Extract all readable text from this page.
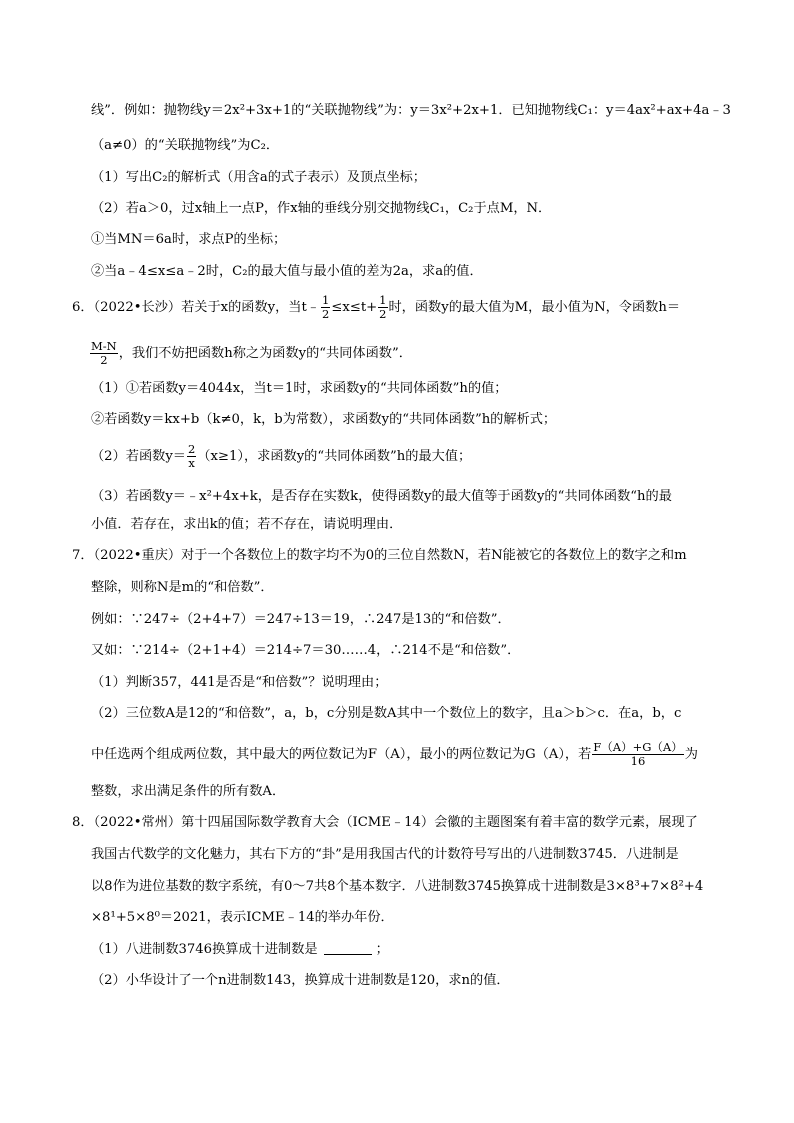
线”．例如：抛物线y＝2x²+3x+1的“关联抛物线”为：y＝3x²+2x+1．已知抛物线C₁：y＝4ax²+ax+4a﹣3
（a≠0）的“关联抛物线”为C₂．
（1）写出C₂的解析式（用含a的式子表示）及顶点坐标；
（2）若a＞0，过x轴上一点P，作x轴的垂线分别交抛物线C₁，C₂于点M，N．
①当MN＝6a时，求点P的坐标；
②当a﹣4≤x≤a﹣2时，C₂的最大值与最小值的差为2a，求a的值．
6．（2022•长沙）若关于x的函数y，当t﹣ $\frac{1}{2} \le x\le t+ \frac{1}{2}$ 时，函数y的最大值为M，最小值为N，令函数h＝
$\frac{M-N}{2}$ ，我们不妨把函数h称之为函数y的“共同体函数”．
（1）①若函数y＝4044x，当t＝1时，求函数y的“共同体函数”h的值；
②若函数y＝kx+b（k≠0，k，b为常数），求函数y的“共同体函数”h的解析式；
（2）若函数$y= \frac{2}{x} (x\ge 1)$，求函数y的“共同体函数”h的最大值；
（3）若函数y＝﹣x²+4x+k，是否存在实数k，使得函数y的最大值等于函数y的“共同体函数“h的最
小值．若存在，求出k的值；若不存在，请说明理由．
7．（2022•重庆）对于一个各数位上的数字均不为0的三位自然数N，若N能被它的各数位上的数字之和m
整除，则称N是m的“和倍数”．
例如：∵247÷（2+4+7）＝247÷13＝19，∴247是13的“和倍数”．
又如：∵214÷（2+1+4）＝214÷7＝30……4，∴214不是“和倍数”．
（1）判断357，441是否是“和倍数”？说明理由；
（2）三位数A是12的“和倍数”，a，b，c分别是数A其中一个数位上的数字，且a＞b＞c．在a，b，c
中任选两个组成两位数，其中最大的两位数记为F（A），最小的两位数记为G（A），若 $\frac{F(A)+G(A)}{16}$ 为
整数，求出满足条件的所有数A．
8．（2022•常州）第十四届国际数学教育大会（ICME﹣14）会徽的主题图案有着丰富的数学元素，展现了
我国古代数学的文化魅力，其右下方的“卦”是用我国古代的计数符号写出的八进制数3745．八进制是
以8作为进位基数的数字系统，有0～7共8个基本数字．八进制数3745换算成十进制数是3×8³+7×8²+4
×8¹+5×8⁰＝2021，表示ICME﹣14的举办年份．
（1）八进制数3746换算成十进制数是	；
（2）小华设计了一个n进制数143，换算成十进制数是120，求n的值．
